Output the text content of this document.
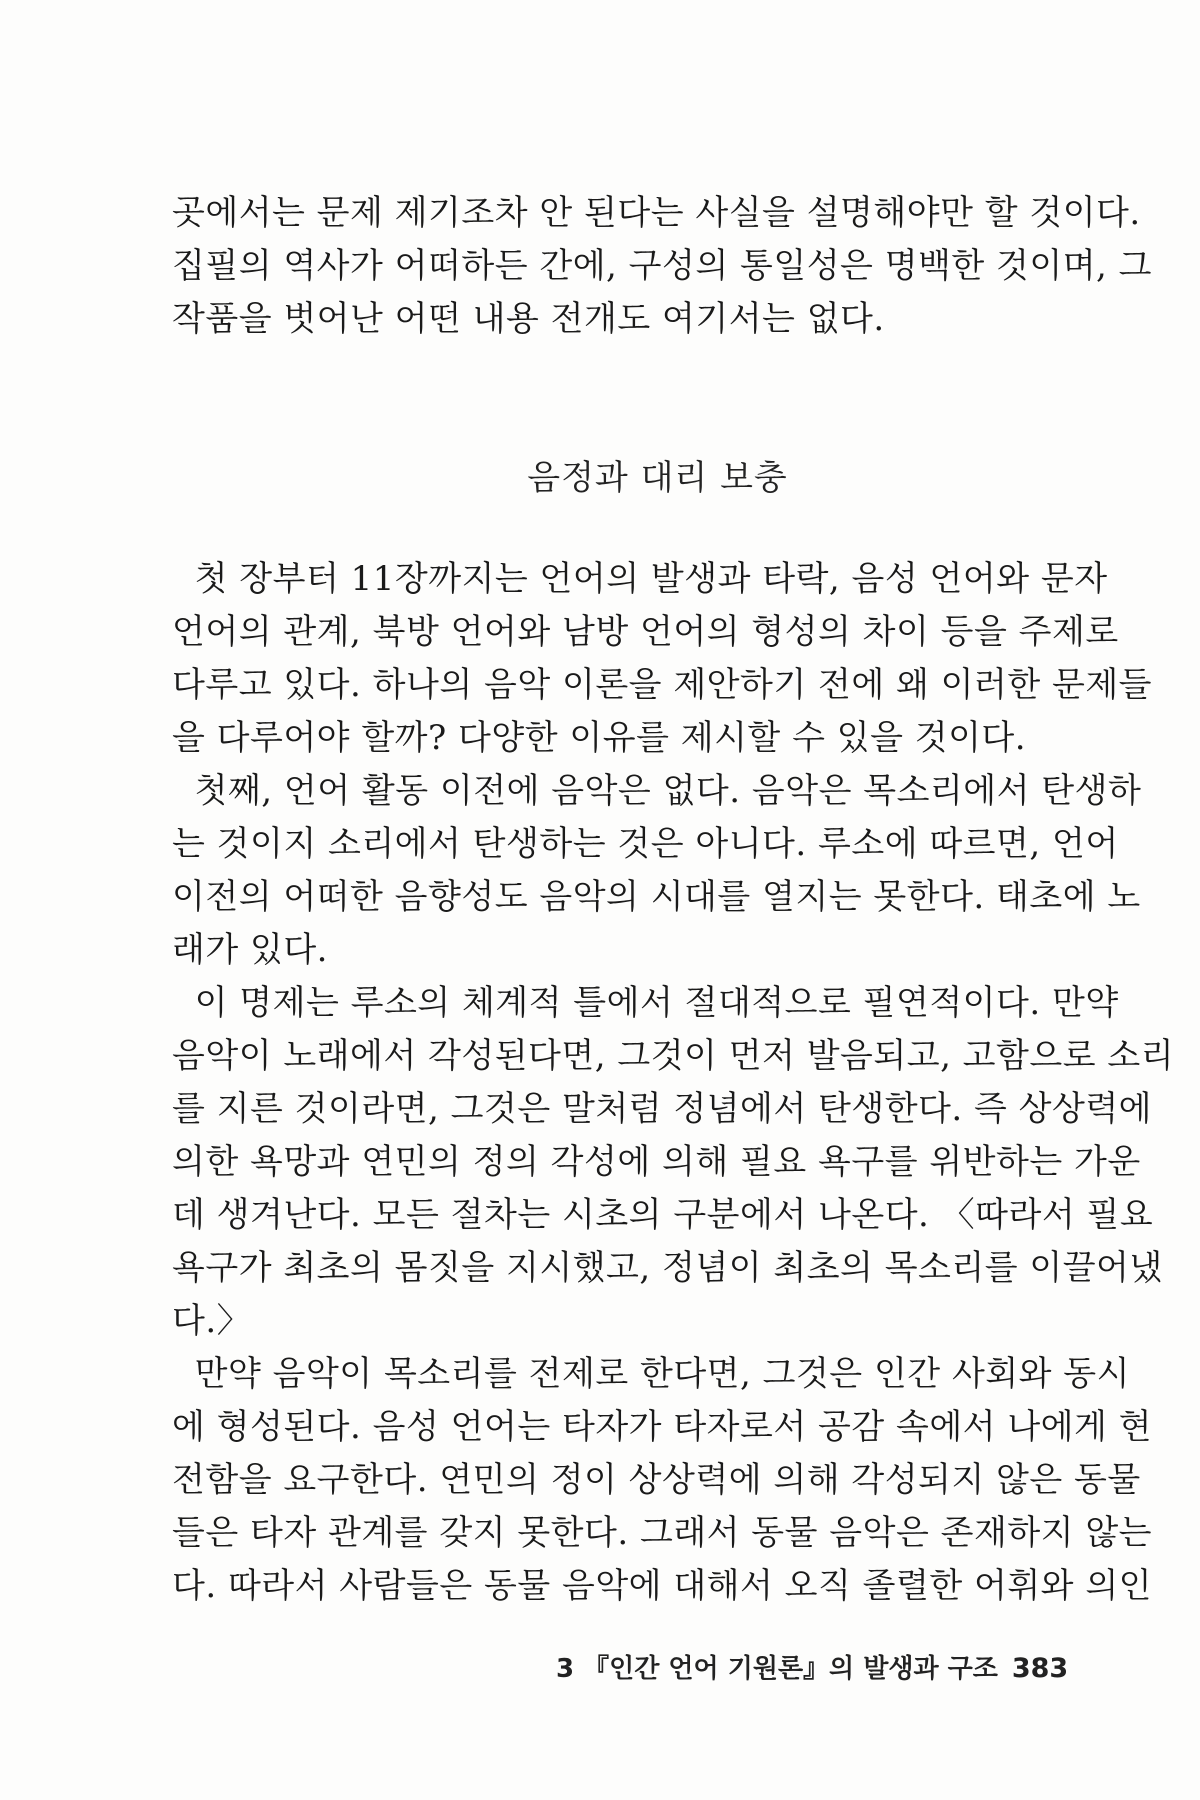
곳에서는 문제 제기조차 안 된다는 사실을 설명해야만 할 것이다.
집필의 역사가 어떠하든 간에, 구성의 통일성은 명백한 것이며, 그
작품을 벗어난 어떤 내용 전개도 여기서는 없다.
음정과 대리 보충
첫 장부터 11장까지는 언어의 발생과 타락, 음성 언어와 문자
언어의 관계, 북방 언어와 남방 언어의 형성의 차이 등을 주제로
다루고 있다. 하나의 음악 이론을 제안하기 전에 왜 이러한 문제들
을 다루어야 할까? 다양한 이유를 제시할 수 있을 것이다.
첫째, 언어 활동 이전에 음악은 없다. 음악은 목소리에서 탄생하
는 것이지 소리에서 탄생하는 것은 아니다. 루소에 따르면, 언어
이전의 어떠한 음향성도 음악의 시대를 열지는 못한다. 태초에 노
래가 있다.
이 명제는 루소의 체계적 틀에서 절대적으로 필연적이다. 만약
음악이 노래에서 각성된다면, 그것이 먼저 발음되고, 고함으로 소리
를 지른 것이라면, 그것은 말처럼 정념에서 탄생한다. 즉 상상력에
의한 욕망과 연민의 정의 각성에 의해 필요 욕구를 위반하는 가운
데 생겨난다. 모든 절차는 시초의 구분에서 나온다. 〈따라서 필요
욕구가 최초의 몸짓을 지시했고, 정념이 최초의 목소리를 이끌어냈
다.〉
만약 음악이 목소리를 전제로 한다면, 그것은 인간 사회와 동시
에 형성된다. 음성 언어는 타자가 타자로서 공감 속에서 나에게 현
전함을 요구한다. 연민의 정이 상상력에 의해 각성되지 않은 동물
들은 타자 관계를 갖지 못한다. 그래서 동물 음악은 존재하지 않는
다. 따라서 사람들은 동물 음악에 대해서 오직 졸렬한 어휘와 의인
3 『인간 언어 기원론』의 발생과 구조 383
